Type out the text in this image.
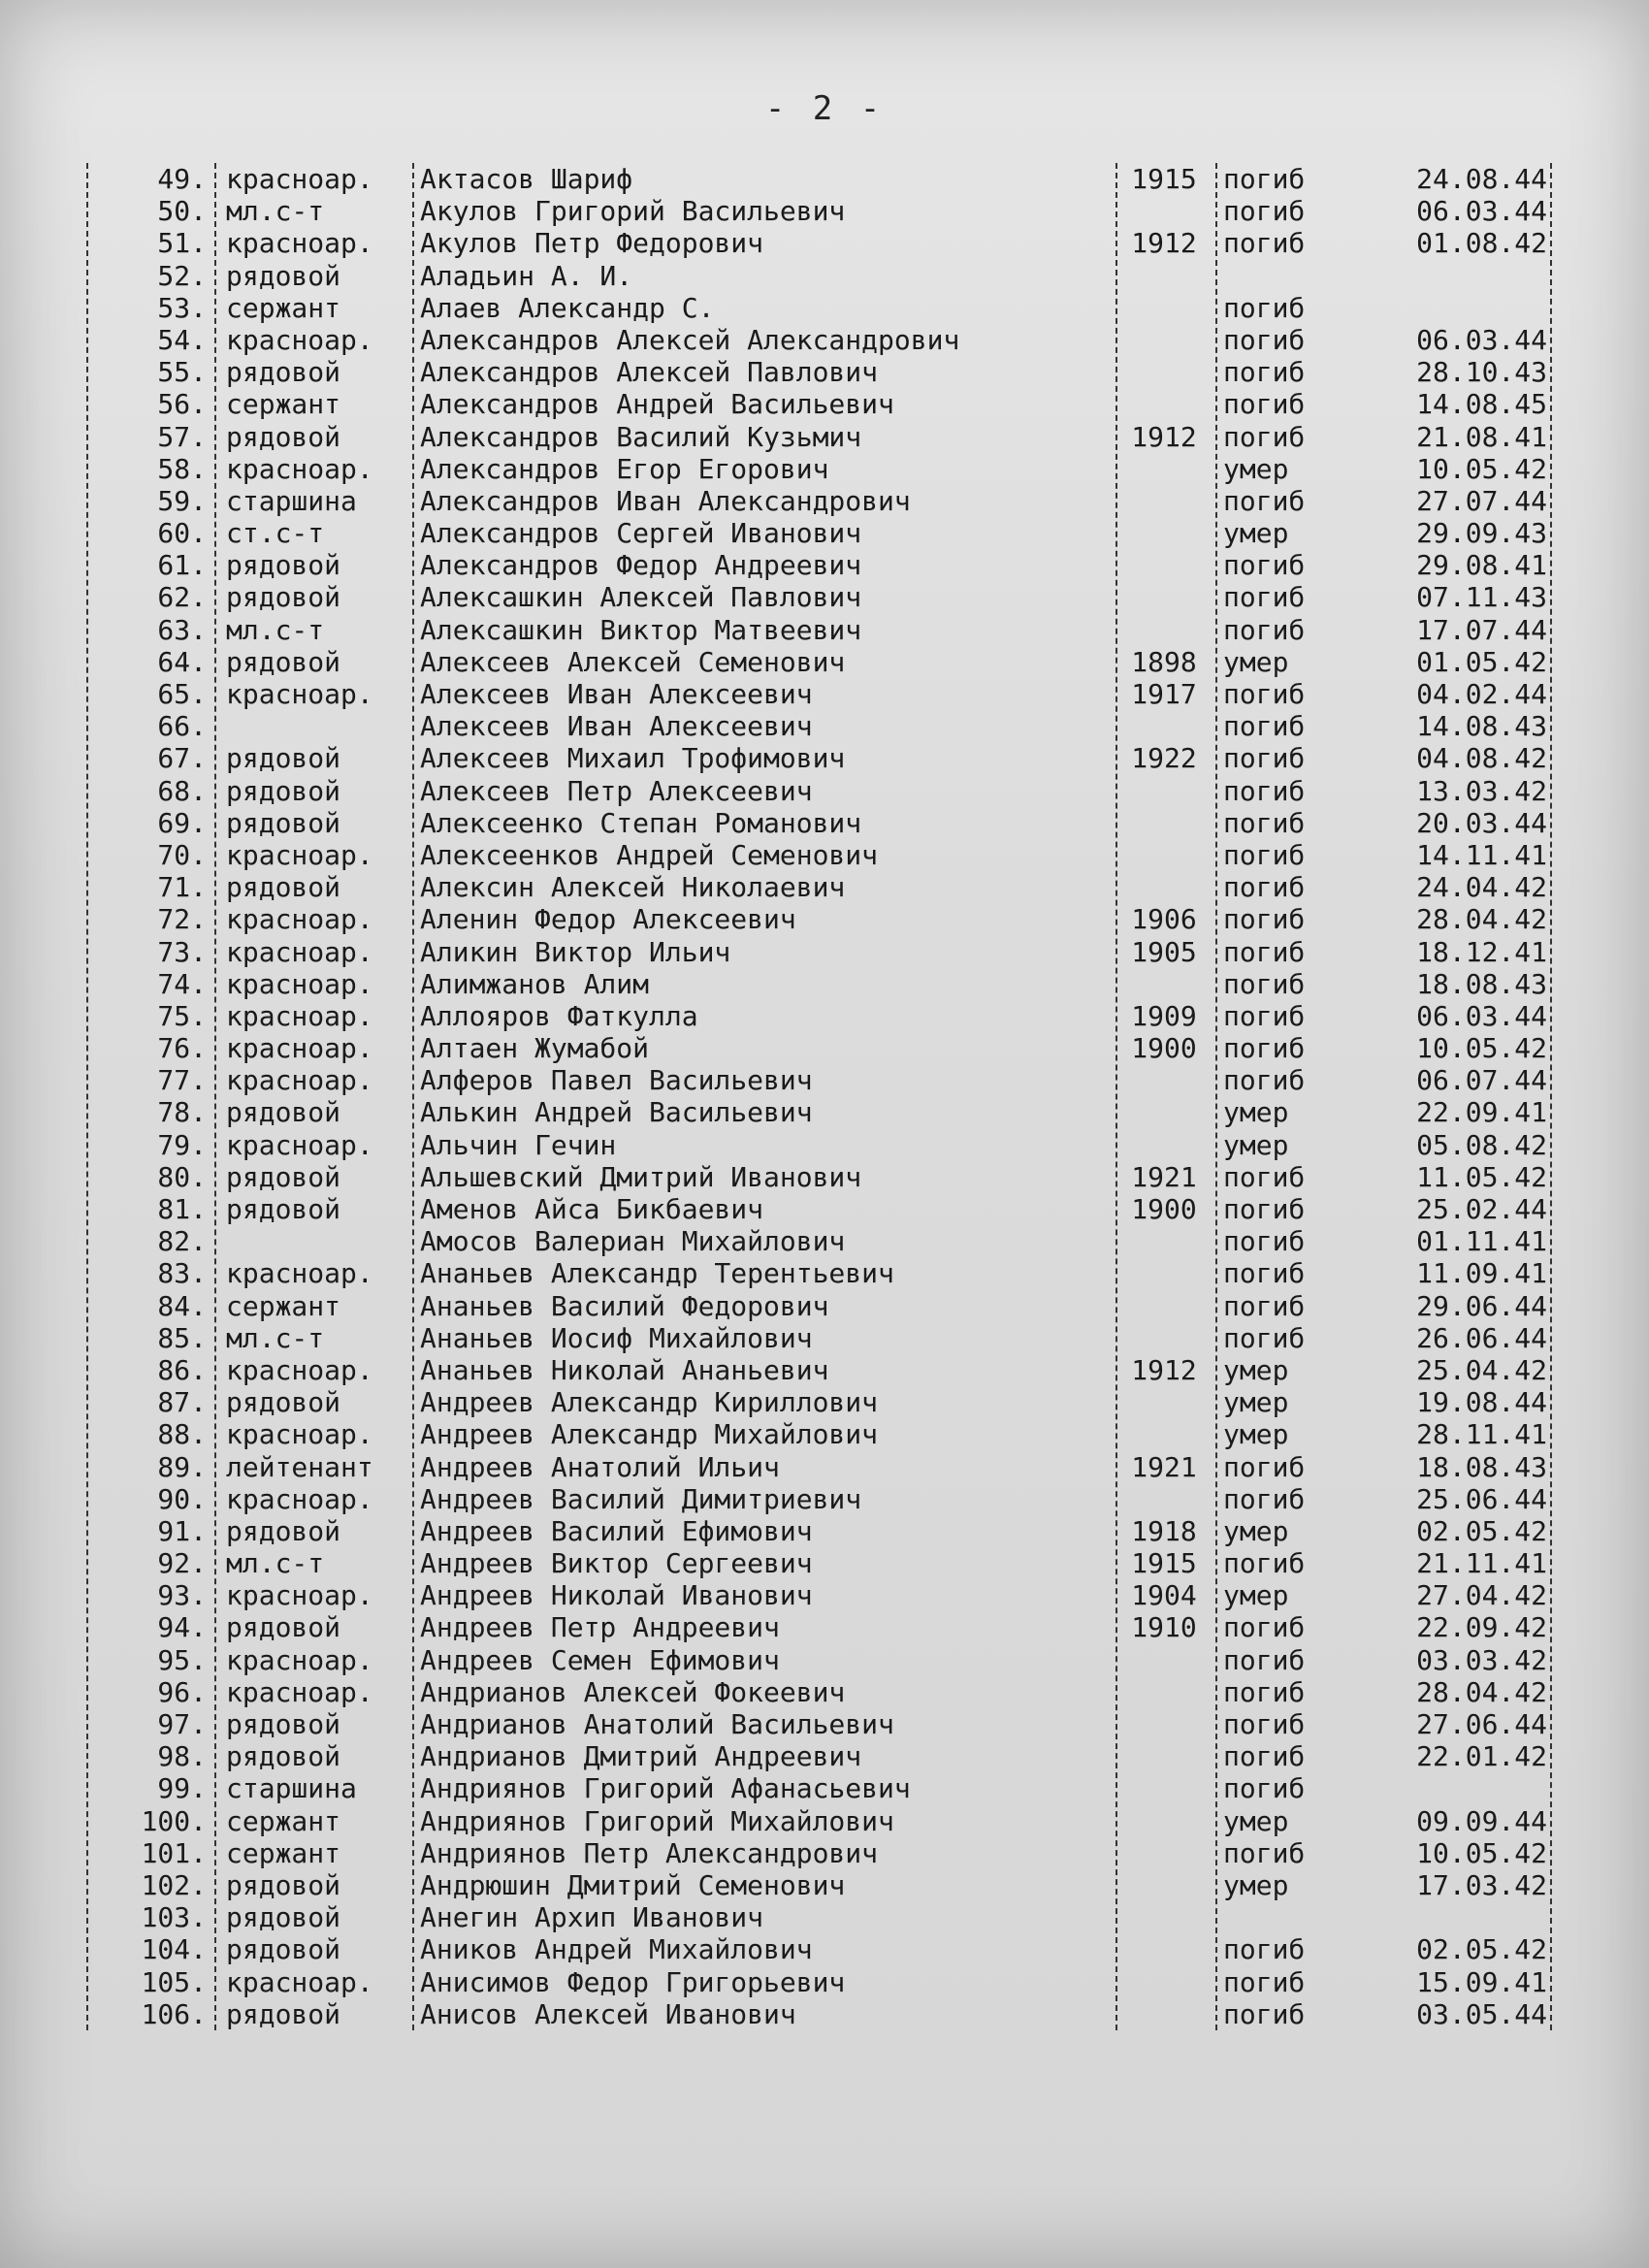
- 2 -
49. красноар.	Актасов Шариф	1915 погиб	24.08.44
50. мл.с-т	Акулов Григорий Васильевич	погиб	06.03.44
51. красноар.	Акулов Петр Федорович	1912 погиб	01.08.42
52. рядовой	Аладьин А. И.
53. сержант	Алаев Александр С.	погиб
54. красноар.	Александров Алексей Александрович	погиб	06.03.44
55. рядовой	Александров Алексей Павлович	погиб	28.10.43
56. сержант	Александров Андрей Васильевич	погиб	14.08.45
57. рядовой	Александров Василий Кузьмич	1912 погиб	21.08.41
58. красноар.	Александров Егор Егорович	умер	10.05.42
59. старшина	Александров Иван Александрович	погиб	27.07.44
60. ст.с-т	Александров Сергей Иванович	умер	29.09.43
61. рядовой	Александров Федор Андреевич	погиб	29.08.41
62. рядовой	Алексашкин Алексей Павлович	погиб	07.11.43
63. мл.с-т	Алексашкин Виктор Матвеевич	погиб	17.07.44
64. рядовой	Алексеев Алексей Семенович	1898 умер	01.05.42
65. красноар.	Алексеев Иван Алексеевич	1917 погиб	04.02.44
66.	Алексеев Иван Алексеевич	погиб	14.08.43
67. рядовой	Алексеев Михаил Трофимович	1922 погиб	04.08.42
68. рядовой	Алексеев Петр Алексеевич	погиб	13.03.42
69. рядовой	Алексеенко Степан Романович	погиб	20.03.44
70. красноар.	Алексеенков Андрей Семенович	погиб	14.11.41
71. рядовой	Алексин Алексей Николаевич	погиб	24.04.42
72. красноар.	Аленин Федор Алексеевич	1906 погиб	28.04.42
73. красноар.	Аликин Виктор Ильич	1905 погиб	18.12.41
74. красноар.	Алимжанов Алим	погиб	18.08.43
75. красноар.	Аллояров Фаткулла	1909 погиб	06.03.44
76. красноар.	Алтаен Жумабой	1900 погиб	10.05.42
77. красноар.	Алферов Павел Васильевич	погиб	06.07.44
78. рядовой	Алькин Андрей Васильевич	умер	22.09.41
79. красноар.	Альчин Гечин	умер	05.08.42
80. рядовой	Альшевский Дмитрий Иванович	1921 погиб	11.05.42
81. рядовой	Аменов Айса Бикбаевич	1900 погиб	25.02.44
82.	Амосов Валериан Михайлович	погиб	01.11.41
83. красноар.	Ананьев Александр Терентьевич	погиб	11.09.41
84. сержант	Ананьев Василий Федорович	погиб	29.06.44
85. мл.с-т	Ананьев Иосиф Михайлович	погиб	26.06.44
86. красноар.	Ананьев Николай Ананьевич	1912 умер	25.04.42
87. рядовой	Андреев Александр Кириллович	умер	19.08.44
88. красноар.	Андреев Александр Михайлович	умер	28.11.41
89. лейтенант	Андреев Анатолий Ильич	1921 погиб	18.08.43
90. красноар.	Андреев Василий Димитриевич	погиб	25.06.44
91. рядовой	Андреев Василий Ефимович	1918 умер	02.05.42
92. мл.с-т	Андреев Виктор Сергеевич	1915 погиб	21.11.41
93. красноар.	Андреев Николай Иванович	1904 умер	27.04.42
94. рядовой	Андреев Петр Андреевич	1910 погиб	22.09.42
95. красноар.	Андреев Семен Ефимович	погиб	03.03.42
96. красноар.	Андрианов Алексей Фокеевич	погиб	28.04.42
97. рядовой	Андрианов Анатолий Васильевич	погиб	27.06.44
98. рядовой	Андрианов Дмитрий Андреевич	погиб	22.01.42
99. старшина	Андриянов Григорий Афанасьевич	погиб
100. сержант	Андриянов Григорий Михайлович	умер	09.09.44
101. сержант	Андриянов Петр Александрович	погиб	10.05.42
102. рядовой	Андрюшин Дмитрий Семенович	умер	17.03.42
103. рядовой	Анегин Архип Иванович
104. рядовой	Аников Андрей Михайлович	погиб	02.05.42
105. красноар.	Анисимов Федор Григорьевич	погиб	15.09.41
106. рядовой	Анисов Алексей Иванович	погиб	03.05.44
